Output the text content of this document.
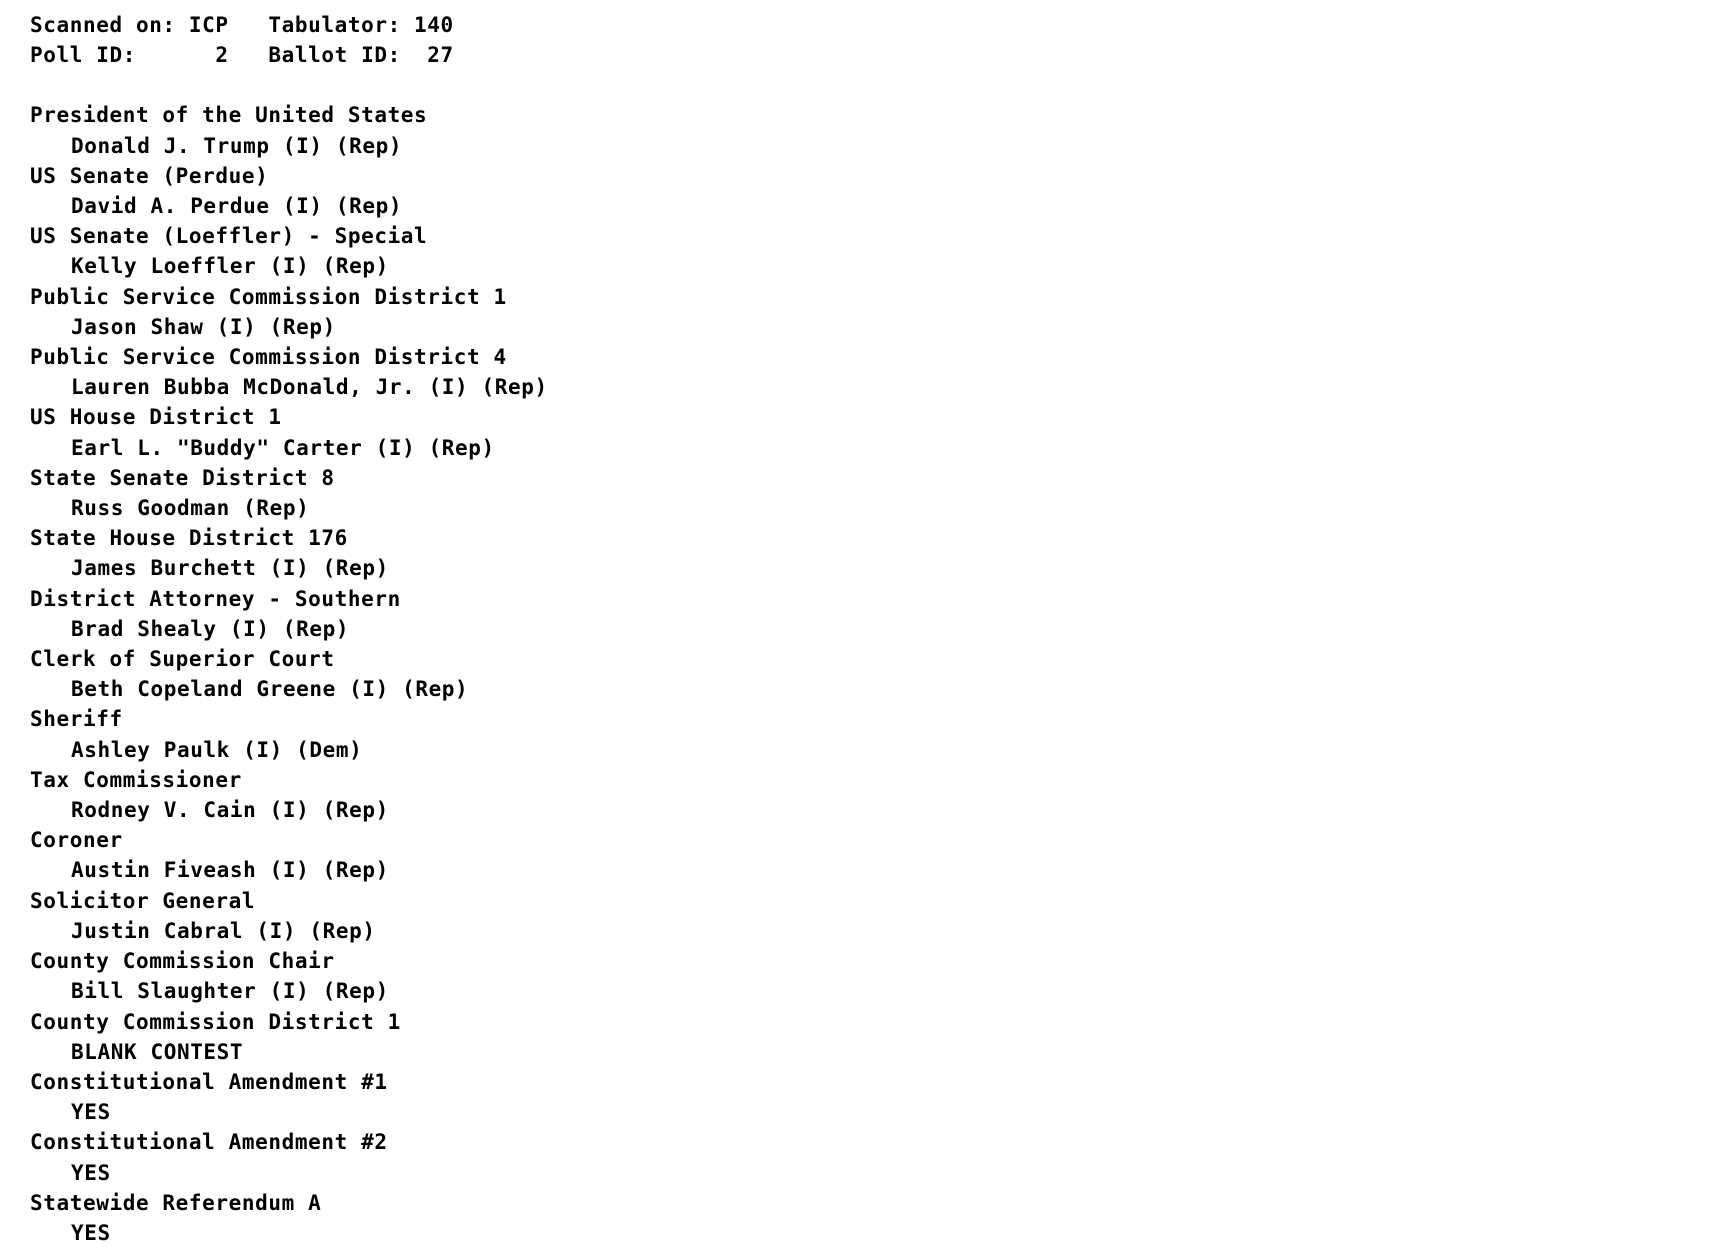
Scanned on: ICP   Tabulator: 140
Poll ID:      2   Ballot ID:  27
President of the United States
Donald J. Trump (I) (Rep)
US Senate (Perdue)
David A. Perdue (I) (Rep)
US Senate (Loeffler) - Special
Kelly Loeffler (I) (Rep)
Public Service Commission District 1
Jason Shaw (I) (Rep)
Public Service Commission District 4
Lauren Bubba McDonald, Jr. (I) (Rep)
US House District 1
Earl L. "Buddy" Carter (I) (Rep)
State Senate District 8
Russ Goodman (Rep)
State House District 176
James Burchett (I) (Rep)
District Attorney - Southern
Brad Shealy (I) (Rep)
Clerk of Superior Court
Beth Copeland Greene (I) (Rep)
Sheriff
Ashley Paulk (I) (Dem)
Tax Commissioner
Rodney V. Cain (I) (Rep)
Coroner
Austin Fiveash (I) (Rep)
Solicitor General
Justin Cabral (I) (Rep)
County Commission Chair
Bill Slaughter (I) (Rep)
County Commission District 1
BLANK CONTEST
Constitutional Amendment #1
YES
Constitutional Amendment #2
YES
Statewide Referendum A
YES
